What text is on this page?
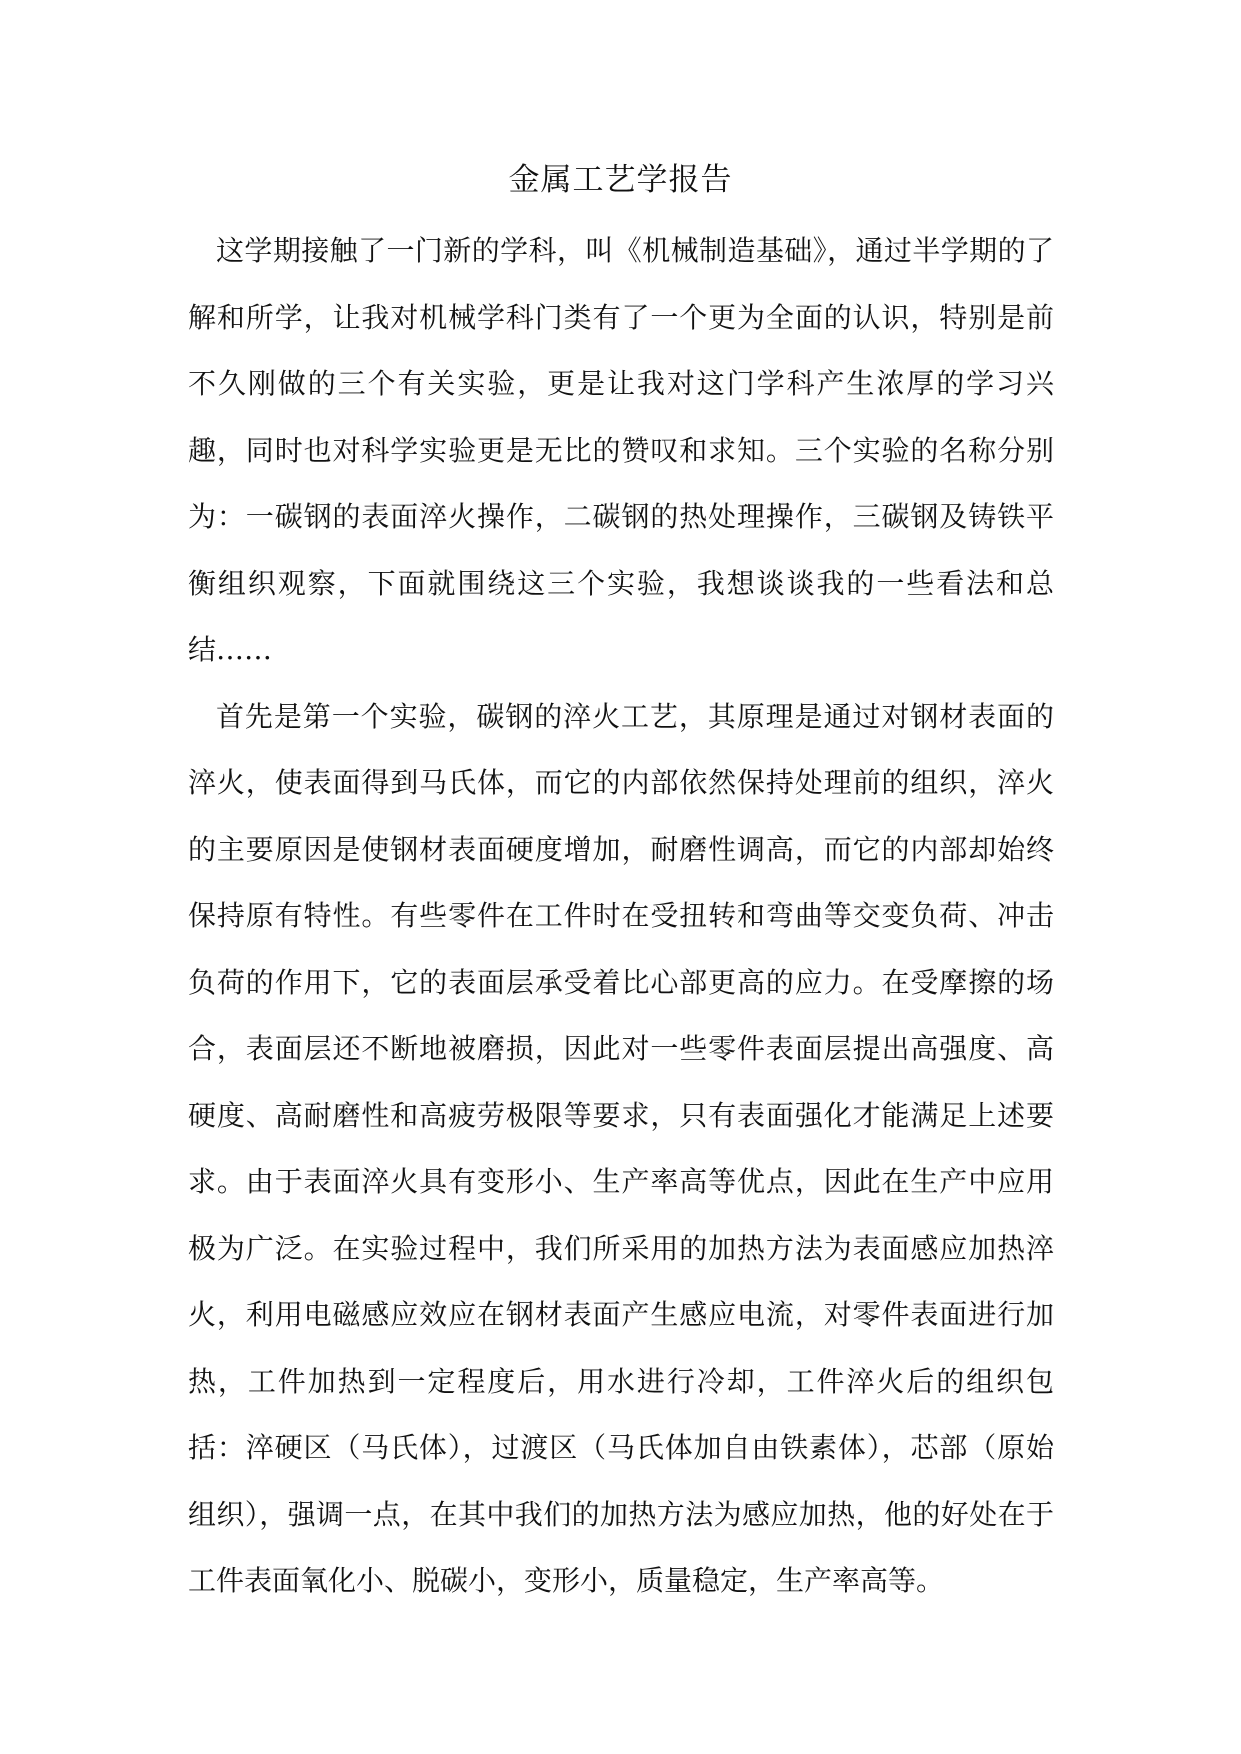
金属工艺学报告

这学期接触了一门新的学科，叫《机械制造基础》，通过半学期的了解和所学，让我对机械学科门类有了一个更为全面的认识，特别是前不久刚做的三个有关实验，更是让我对这门学科产生浓厚的学习兴趣，同时也对科学实验更是无比的赞叹和求知。三个实验的名称分别为：一碳钢的表面淬火操作，二碳钢的热处理操作，三碳钢及铸铁平衡组织观察，下面就围绕这三个实验，我想谈谈我的一些看法和总结……

首先是第一个实验，碳钢的淬火工艺，其原理是通过对钢材表面的淬火，使表面得到马氏体，而它的内部依然保持处理前的组织，淬火的主要原因是使钢材表面硬度增加，耐磨性调高，而它的内部却始终保持原有特性。有些零件在工件时在受扭转和弯曲等交变负荷、冲击负荷的作用下，它的表面层承受着比心部更高的应力。在受摩擦的场合，表面层还不断地被磨损，因此对一些零件表面层提出高强度、高硬度、高耐磨性和高疲劳极限等要求，只有表面强化才能满足上述要求。由于表面淬火具有变形小、生产率高等优点，因此在生产中应用极为广泛。在实验过程中，我们所采用的加热方法为表面感应加热淬火，利用电磁感应效应在钢材表面产生感应电流，对零件表面进行加热，工件加热到一定程度后，用水进行冷却，工件淬火后的组织包括：淬硬区（马氏体），过渡区（马氏体加自由铁素体），芯部（原始组织），强调一点，在其中我们的加热方法为感应加热，他的好处在于工件表面氧化小、脱碳小，变形小，质量稳定，生产率高等。
